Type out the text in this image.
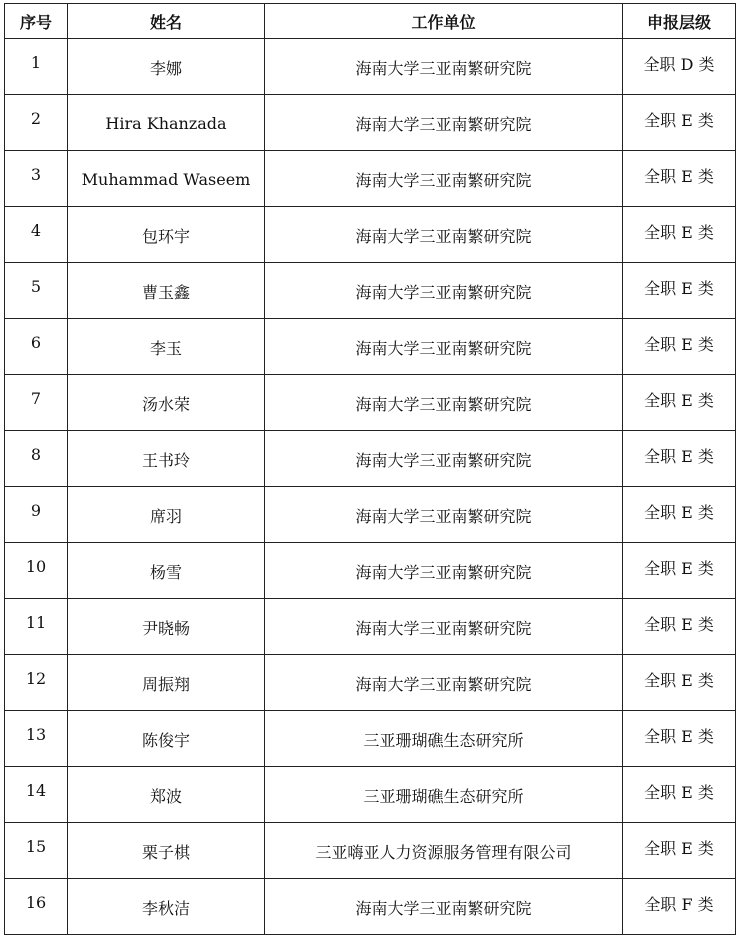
序号	姓名	工作单位	申报层级
1	李娜	海南大学三亚南繁研究院	全职 D 类
2	Hira Khanzada	海南大学三亚南繁研究院	全职 E 类
3	Muhammad Waseem	海南大学三亚南繁研究院	全职 E 类
4	包环宇	海南大学三亚南繁研究院	全职 E 类
5	曹玉鑫	海南大学三亚南繁研究院	全职 E 类
6	李玉	海南大学三亚南繁研究院	全职 E 类
7	汤水荣	海南大学三亚南繁研究院	全职 E 类
8	王书玲	海南大学三亚南繁研究院	全职 E 类
9	席羽	海南大学三亚南繁研究院	全职 E 类
10	杨雪	海南大学三亚南繁研究院	全职 E 类
11	尹晓畅	海南大学三亚南繁研究院	全职 E 类
12	周振翔	海南大学三亚南繁研究院	全职 E 类
13	陈俊宇	三亚珊瑚礁生态研究所	全职 E 类
14	郑波	三亚珊瑚礁生态研究所	全职 E 类
15	栗子棋	三亚嗨亚人力资源服务管理有限公司	全职 E 类
16	李秋洁	海南大学三亚南繁研究院	全职 F 类
